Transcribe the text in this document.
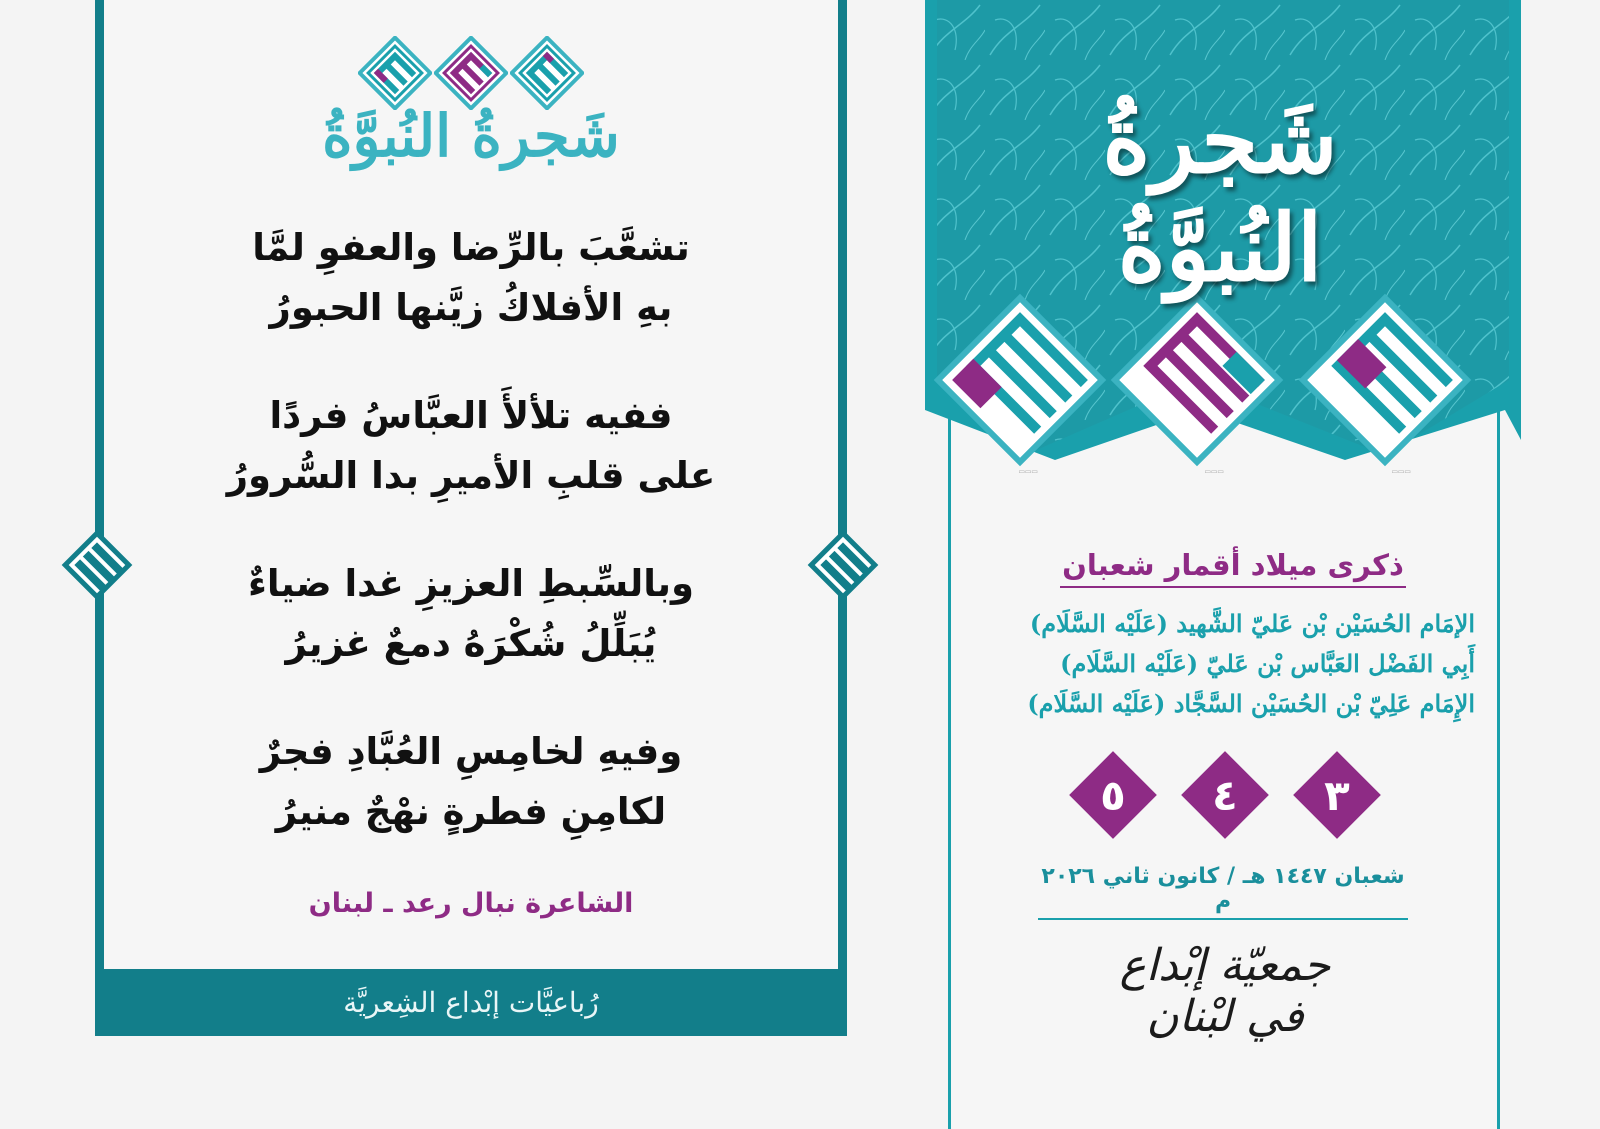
شَجرةُ النُبوَّةُ
تشعَّبَ بالرِّضا والعفوِ لمَّا
بهِ الأفلاكُ زيَّنها الحبورُ
ففيه تلألأَ العبَّاسُ فردًا
على قلبِ الأميرِ بدا السُّرورُ
وبالسِّبطِ العزيزِ غدا ضياءٌ
يُبَلِّلُ شُكْرَهُ دمعٌ غزيرُ
وفيهِ لخامِسِ العُبَّادِ فجرٌ
لكامِنِ فطرةٍ نهْجٌ منيرُ
الشاعرة نبال رعد ـ لبنان
رُباعيَّات إبْداع الشِعريَّة
شَجرةُ النُبوَّةُ
▭▭▭	▭▭▭	▭▭▭
ذكرى ميلاد أقمار شعبان
الإمَام الحُسَيْن بْن عَليّ الشَّهيد (عَلَيْه السَّلَام)
أَبِي الفَضْل العَبَّاس بْن عَليّ (عَلَيْه السَّلَام)
الإِمَام عَلِيّ بْن الحُسَيْن السَّجَّاد (عَلَيْه السَّلَام)
٣
٤
٥
شعبان ١٤٤٧ هـ / كانون ثاني ٢٠٢٦ م
جمعيّة إبْداع في لبْنان
